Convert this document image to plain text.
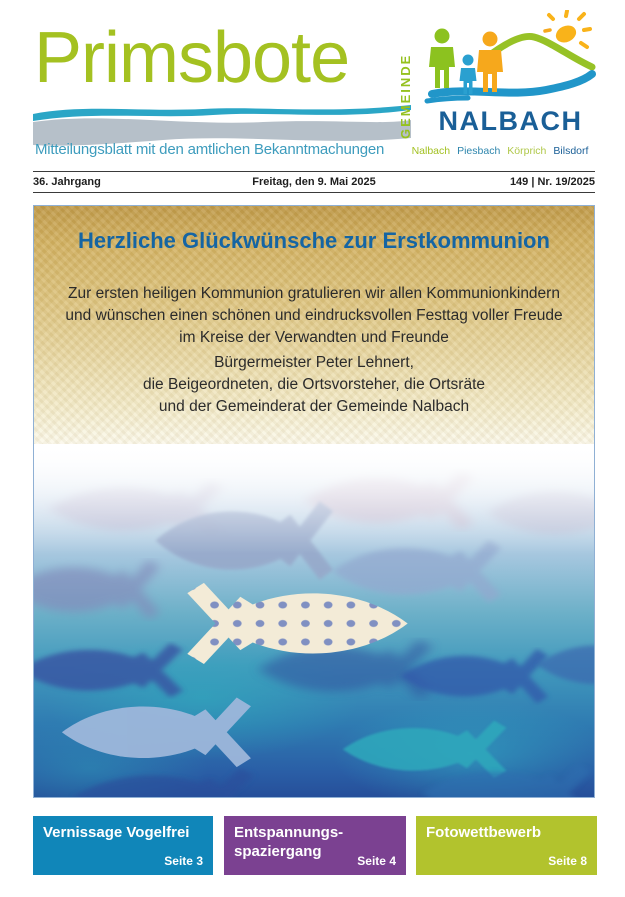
Primsbote
Mitteilungsblatt mit den amtlichen Bekanntmachungen
GEMEINDE NALBACH
Nalbach Piesbach Körprich Bilsdorf
36. Jahrgang	Freitag, den 9. Mai 2025	149 | Nr. 19/2025
Herzliche Glückwünsche zur Erstkommunion
Zur ersten heiligen Kommunion gratulieren wir allen Kommunionkindern
und wünschen einen schönen und eindrucksvollen Festtag voller Freude
im Kreise der Verwandten und Freunde
Bürgermeister Peter Lehnert,
die Beigeordneten, die Ortsvorsteher, die Ortsräte
und der Gemeinderat der Gemeinde Nalbach
Vernissage Vogelfrei
Seite 3
Entspannungs-
spaziergang
Seite 4
Fotowettbewerb
Seite 8
